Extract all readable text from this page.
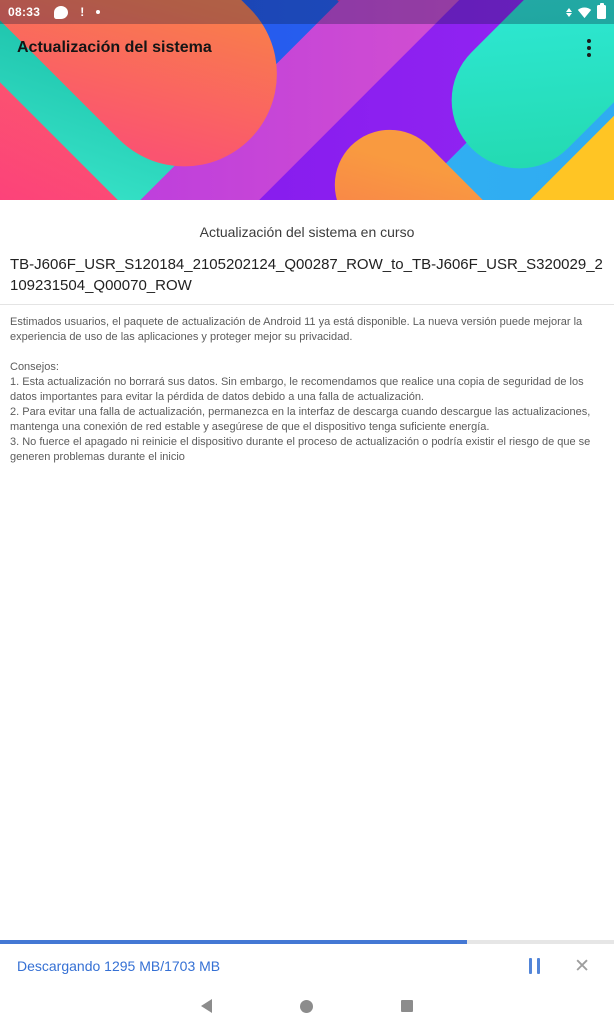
08:33	!
Actualización del sistema
Actualización del sistema en curso
TB-J606F_USR_S120184_2105202124_Q00287_ROW_to_TB-J606F_USR_S320029_2109231504_Q00070_ROW
Estimados usuarios, el paquete de actualización de Android 11 ya está disponible. La nueva versión puede mejorar la experiencia de uso de las aplicaciones y proteger mejor su privacidad.
Consejos:
1. Esta actualización no borrará sus datos. Sin embargo, le recomendamos que realice una copia de seguridad de los datos importantes para evitar la pérdida de datos debido a una falla de actualización.
2. Para evitar una falla de actualización, permanezca en la interfaz de descarga cuando descargue las actualizaciones, mantenga una conexión de red estable y asegúrese de que el dispositivo tenga suficiente energía.
3. No fuerce el apagado ni reinicie el dispositivo durante el proceso de actualización o podría existir el riesgo de que se generen problemas durante el inicio
Descargando 1295 MB/1703 MB	✕
